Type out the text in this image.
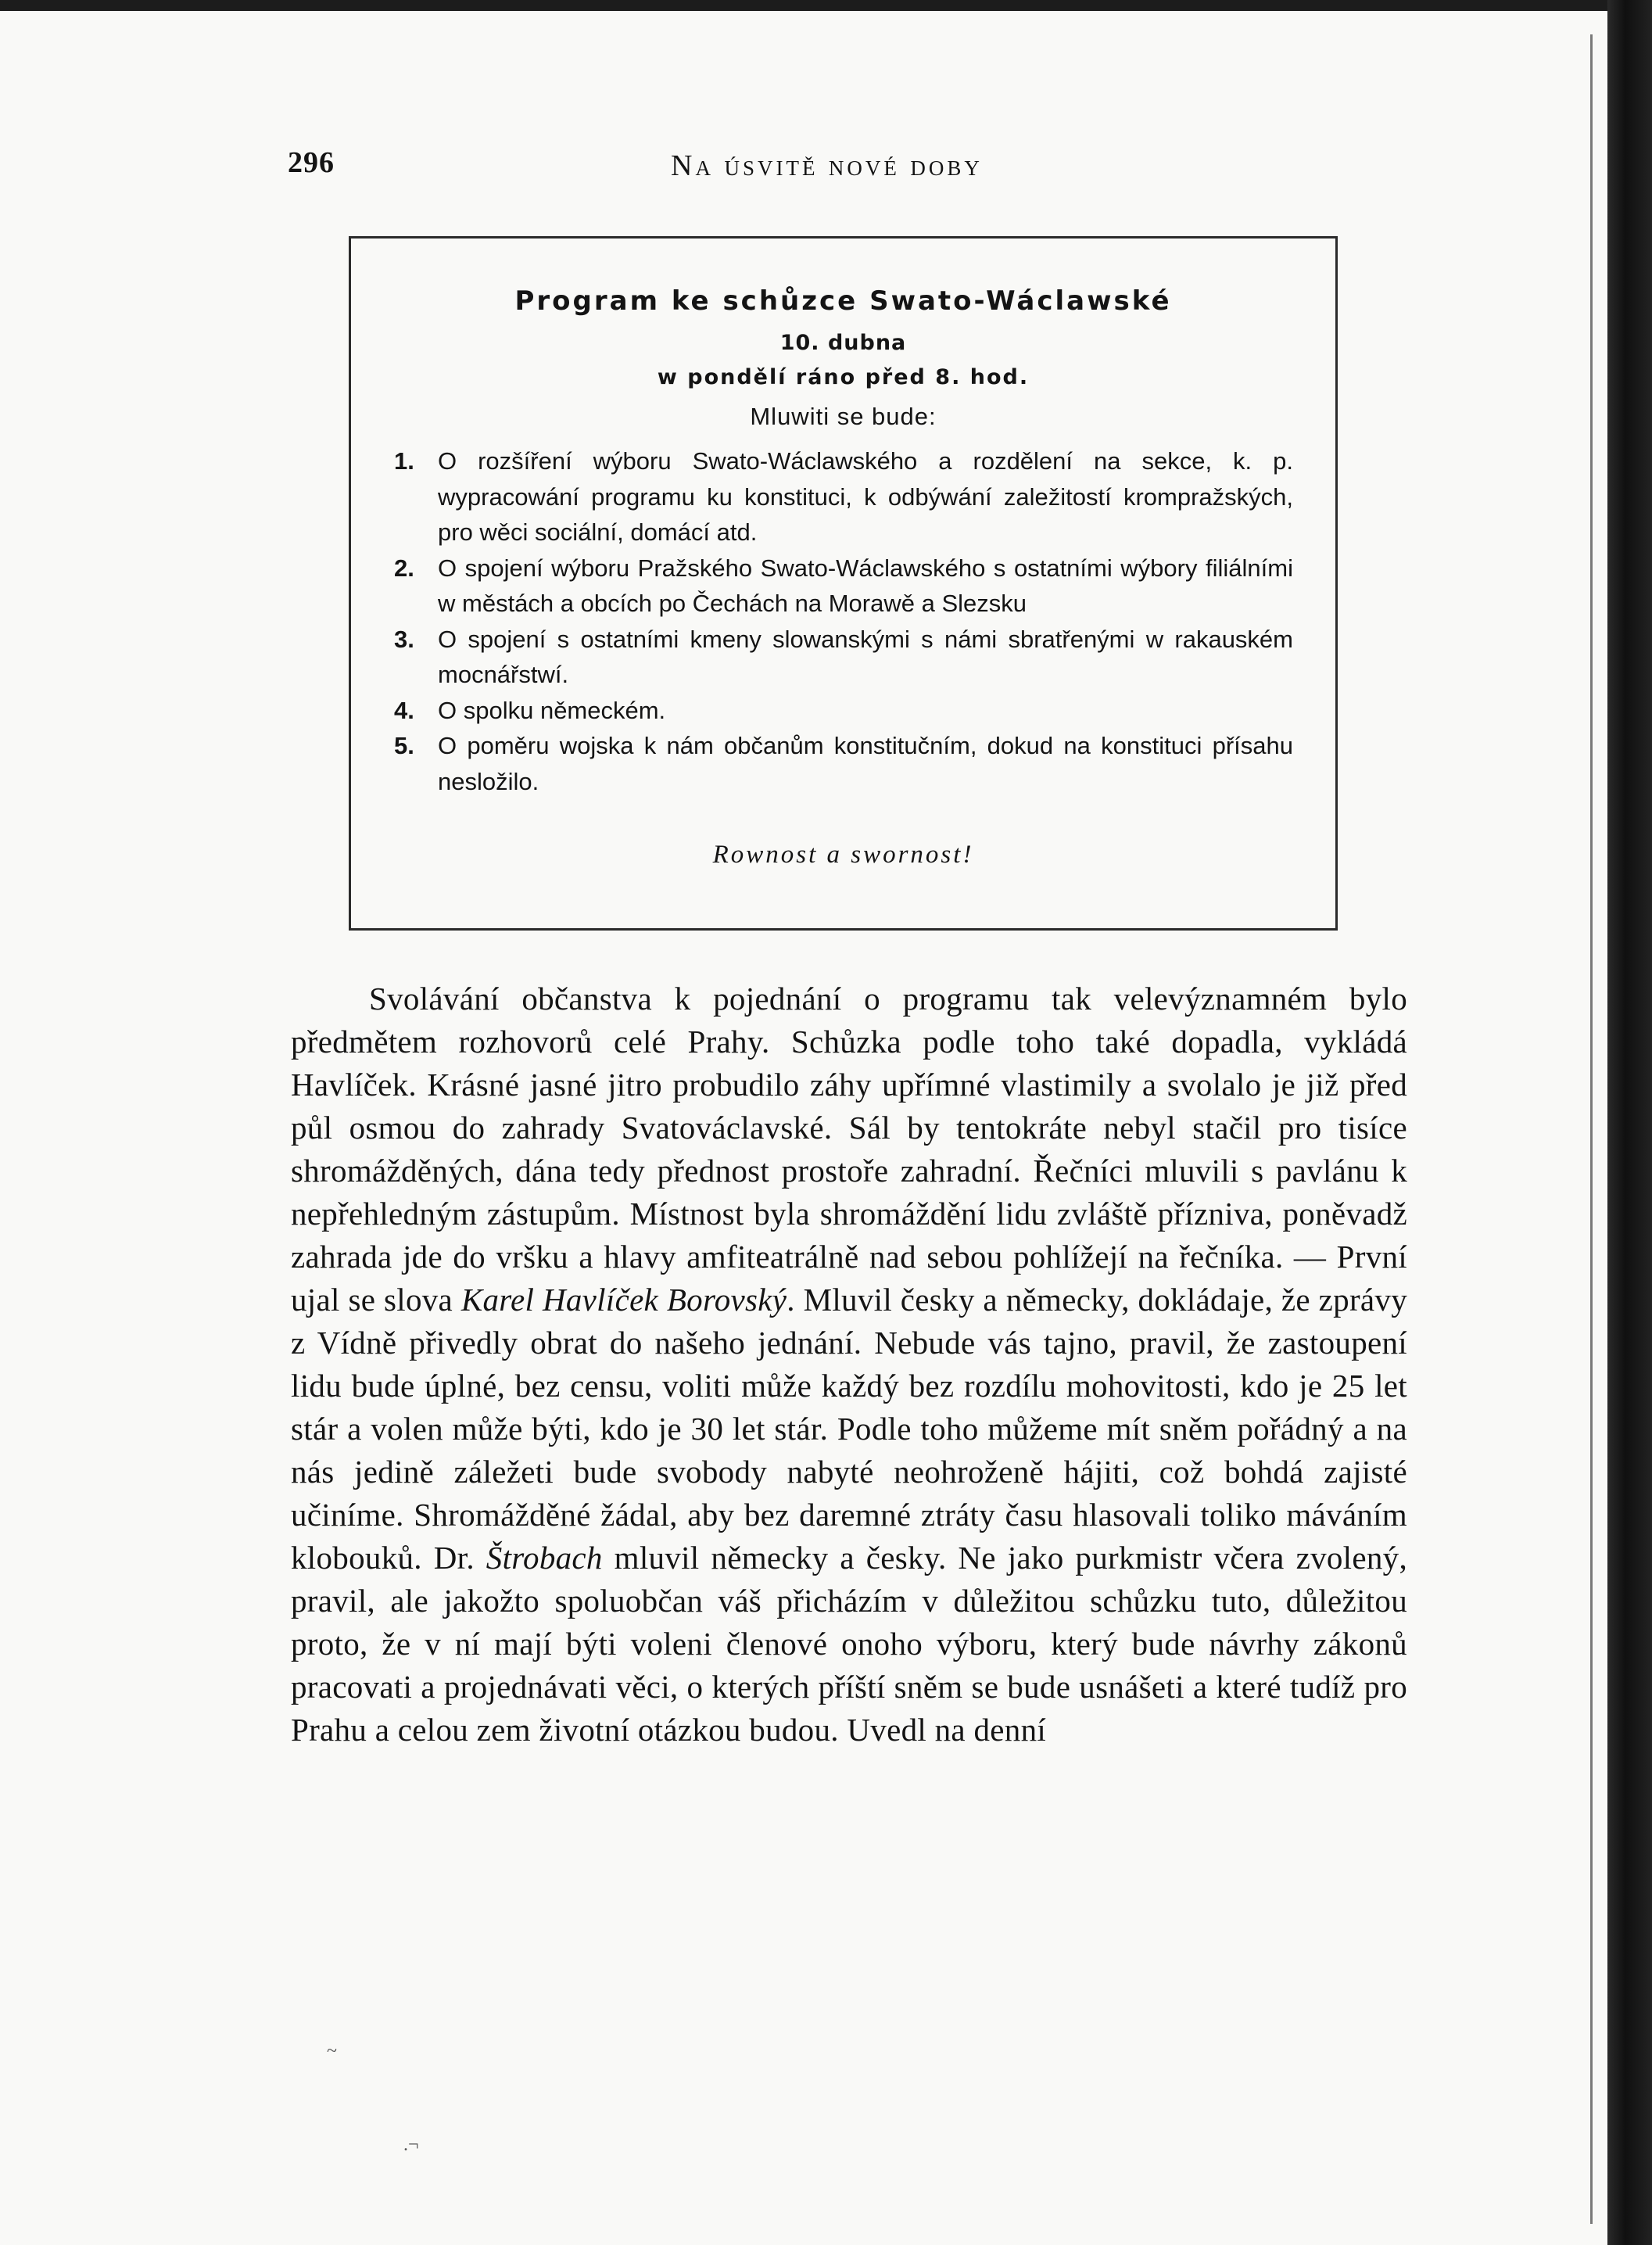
296	Na úsvitě nové doby
Program ke schůzce Swato-Wáclawské
10. dubna
w pondělí ráno před 8. hod.
Mluwiti se bude:
1. O rozšíření wýboru Swato-Wáclawského a rozdělení na sekce, k. p. wypracowání programu ku konstituci, k odbýwání zaležitostí krompražských, pro wěci sociální, domácí atd.
2. O spojení wýboru Pražského Swato-Wáclawského s ostatními wýbory filiálními w městách a obcích po Čechách na Morawě a Slezsku
3. O spojení s ostatními kmeny slowanskými s námi sbratřenými w rakauském mocnářstwí.
4. O spolku německém.
5. O poměru wojska k nám občanům konstitučním, dokud na konstituci přísahu nesložilo.
Rownost a swornost!

Svolávání občanstva k pojednání o programu tak velevýznamném bylo předmětem rozhovorů celé Prahy. Schůzka podle toho také dopadla, vykládá Havlíček. Krásné jasné jitro probudilo záhy upřímné vlastimily a svolalo je již před půl osmou do zahrady Svatováclavské. Sál by tentokráte nebyl stačil pro tisíce shromážděných, dána tedy přednost prostoře zahradní. Řečníci mluvili s pavlánu k nepřehledným zástupům. Místnost byla shromáždění lidu zvláště přízniva, poněvadž zahrada jde do vršku a hlavy amfiteatrálně nad sebou pohlížejí na řečníka. — První ujal se slova Karel Havlíček Borovský. Mluvil česky a německy, dokládaje, že zprávy z Vídně přivedly obrat do našeho jednání. Nebude vás tajno, pravil, že zastoupení lidu bude úplné, bez censu, voliti může každý bez rozdílu mohovitosti, kdo je 25 let stár a volen může býti, kdo je 30 let stár. Podle toho můžeme mít sněm pořádný a na nás jedině záležeti bude svobody nabyté neohroženě hájiti, což bohdá zajisté učiníme. Shromážděné žádal, aby bez daremné ztráty času hlasovali toliko máváním klobouků. Dr. Štrobach mluvil německy a česky. Ne jako purkmistr včera zvolený, pravil, ale jakožto spoluobčan váš přicházím v důležitou schůzku tuto, důležitou proto, že v ní mají býti voleni členové onoho výboru, který bude návrhy zákonů pracovati a projednávati věci, o kterých příští sněm se bude usnášeti a které tudíž pro Prahu a celou zem životní otázkou budou. Uvedl na denní

~
.¬
